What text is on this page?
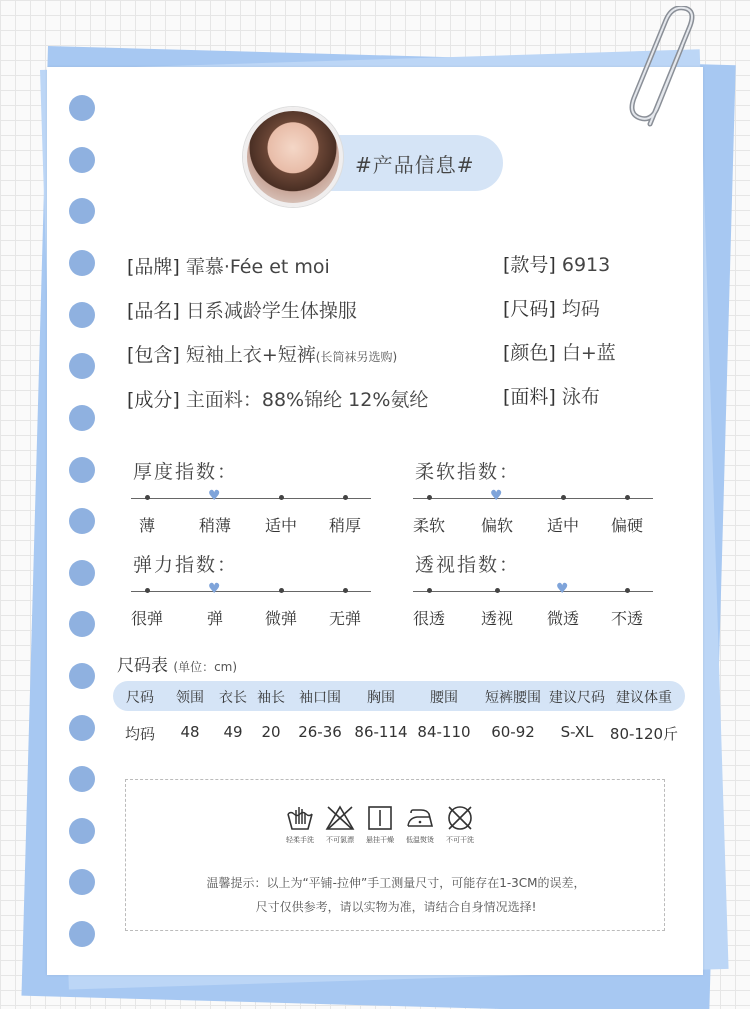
#产品信息#
[品牌] 霏慕·Fée et moi
[品名] 日系减龄学生体操服
[包含] 短袖上衣+短裤(长筒袜另选购)
[成分] 主面料：88%锦纶 12%氨纶
[款号] 6913
[尺码] 均码
[颜色] 白+蓝
[面料] 泳布
厚度指数：
薄
♥
稍薄 适中 稍厚
柔软指数：
柔软
♥
偏软 适中 偏硬
弹力指数：
很弹
♥
弹	微弹 无弹
透视指数：
很透 透视
♥
微透 不透
尺码表 (单位：cm)
尺码 领围 衣长 袖长 袖口围 胸围	腰围 短裤腰围 建议尺码 建议体重
均码 48 49 20 26-36 86-114 84-110 60-92 S-XL 80-120斤
轻柔手洗	不可氯漂	悬挂干燥	低温熨烫	不可干洗
温馨提示：以上为“平铺-拉伸”手工测量尺寸，可能存在1-3CM的误差，
尺寸仅供参考，请以实物为准，请结合自身情况选择!
